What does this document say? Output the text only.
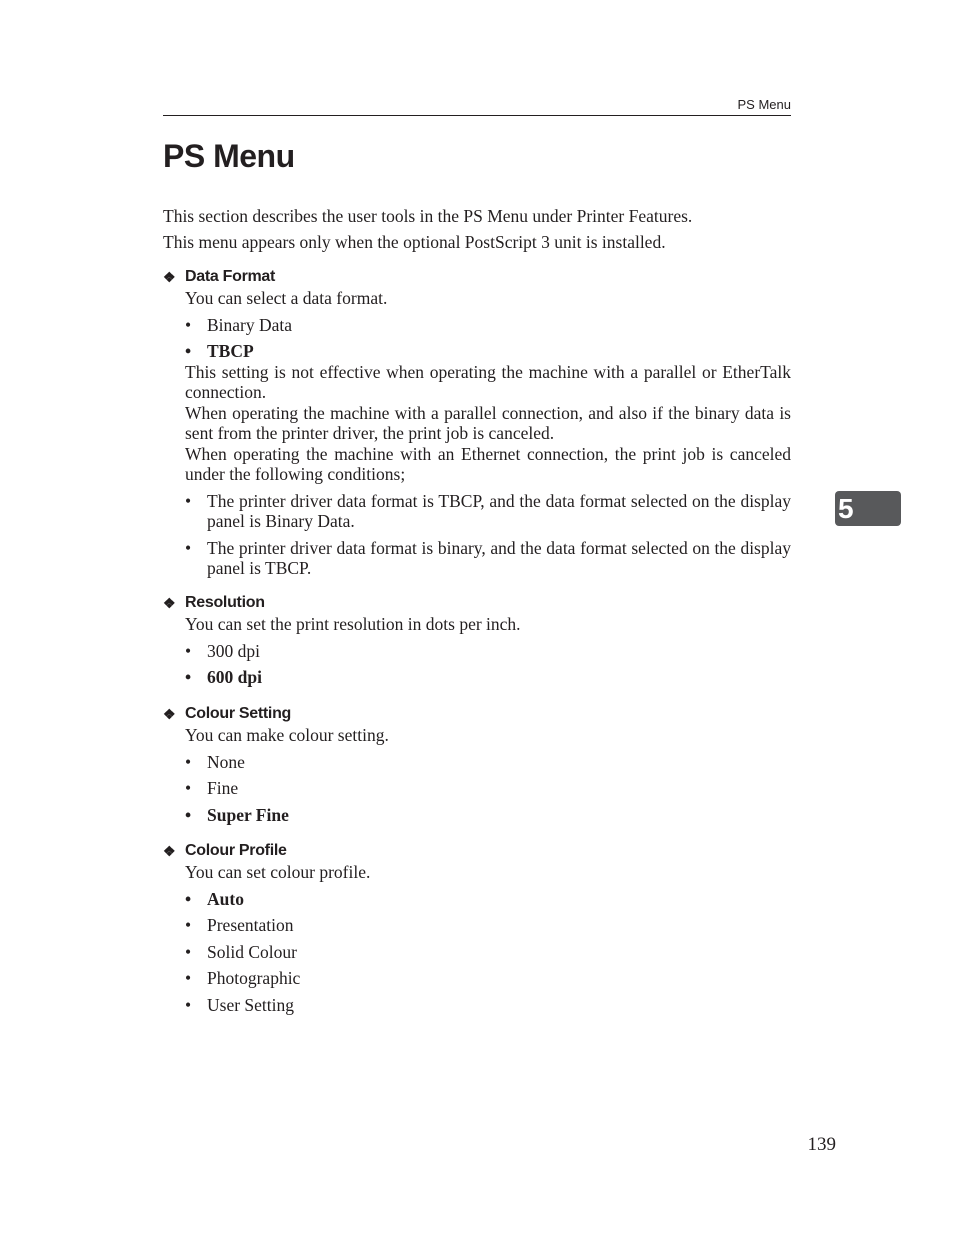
PS Menu
PS Menu

This section describes the user tools in the PS Menu under Printer Features.

This menu appears only when the optional PostScript 3 unit is installed.

❖ Data Format

You can select a data format.

• Binary Data
• TBCP

This setting is not effective when operating the machine with a parallel or EtherTalk connection.

When operating the machine with a parallel connection, and also if the binary data is sent from the printer driver, the print job is canceled.

When operating the machine with an Ethernet connection, the print job is canceled under the following conditions;

• The printer driver data format is TBCP, and the data format selected on the display panel is Binary Data.
• The printer driver data format is binary, and the data format selected on the display panel is TBCP.
❖ Resolution

You can set the print resolution in dots per inch.

• 300 dpi
• 600 dpi
❖ Colour Setting

You can make colour setting.

• None
• Fine
• Super Fine
❖ Colour Profile

You can set colour profile.

• Auto
• Presentation
• Solid Colour
• Photographic
• User Setting
5
139
